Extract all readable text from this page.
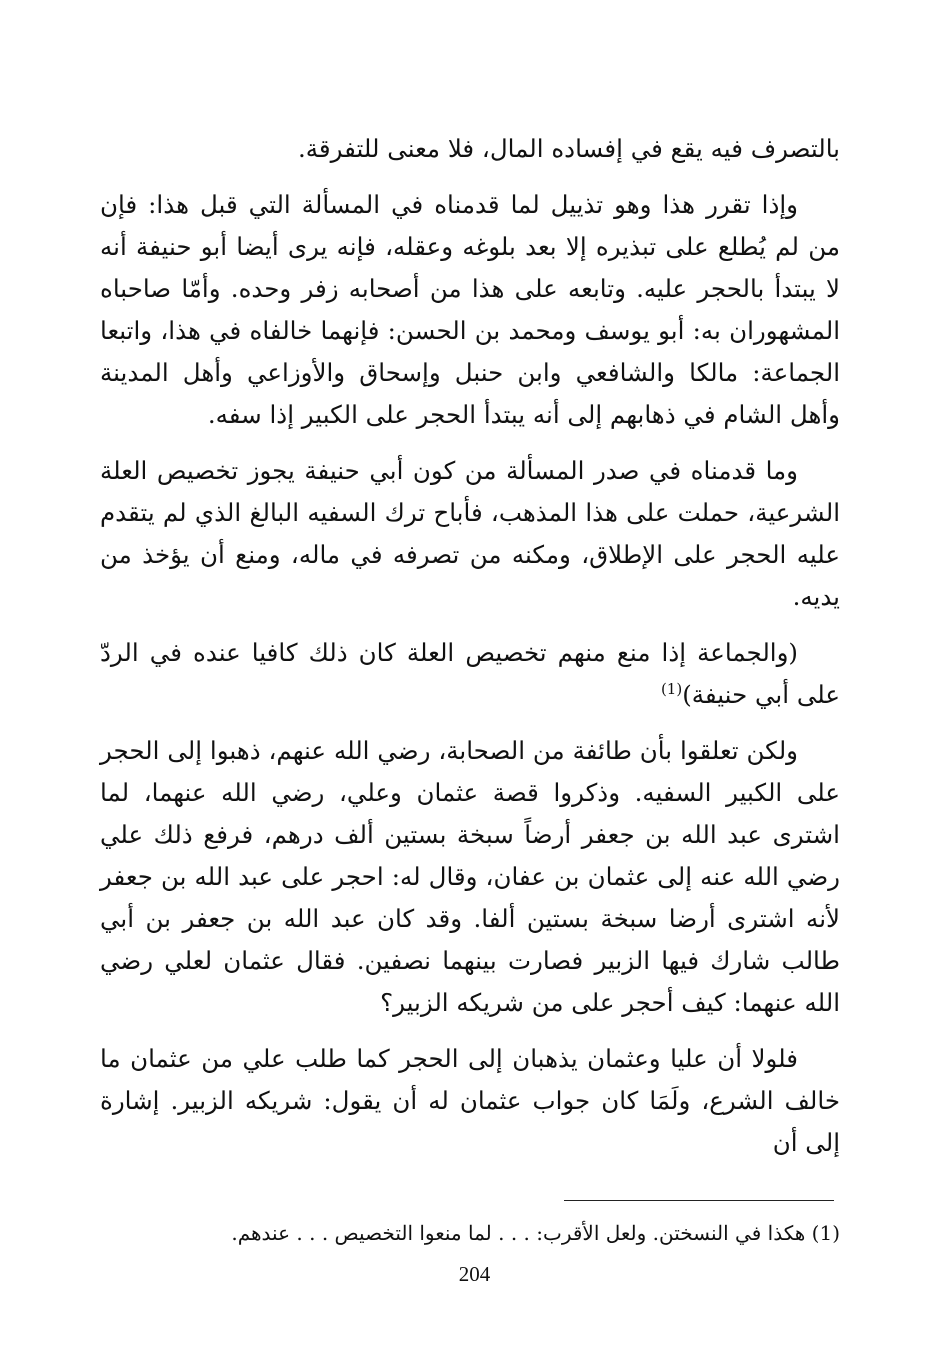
بالتصرف فيه يقع في إفساده المال، فلا معنى للتفرقة.

وإذا تقرر هذا وهو تذييل لما قدمناه في المسألة التي قبل هذا: فإن من لم يُطلع على تبذيره إلا بعد بلوغه وعقله، فإنه يرى أيضا أبو حنيفة أنه لا يبتدأ بالحجر عليه. وتابعه على هذا من أصحابه زفر وحده. وأمّا صاحباه المشهوران به: أبو يوسف ومحمد بن الحسن: فإنهما خالفاه في هذا، واتبعا الجماعة: مالكا والشافعي وابن حنبل وإسحاق والأوزاعي وأهل المدينة وأهل الشام في ذهابهم إلى أنه يبتدأ الحجر على الكبير إذا سفه.

وما قدمناه في صدر المسألة من كون أبي حنيفة يجوز تخصيص العلة الشرعية، حملت على هذا المذهب، فأباح ترك السفيه البالغ الذي لم يتقدم عليه الحجر على الإطلاق، ومكنه من تصرفه في ماله، ومنع أن يؤخذ من يديه.

(والجماعة إذا منع منهم تخصيص العلة كان ذلك كافيا عنده في الردّ على أبي حنيفة)$^{(1)}$

ولكن تعلقوا بأن طائفة من الصحابة، رضي الله عنهم، ذهبوا إلى الحجر على الكبير السفيه. وذكروا قصة عثمان وعلي، رضي الله عنهما، لما اشترى عبد الله بن جعفر أرضاً سبخة بستين ألف درهم، فرفع ذلك علي رضي الله عنه إلى عثمان بن عفان، وقال له: احجر على عبد الله بن جعفر لأنه اشترى أرضا سبخة بستين ألفا. وقد كان عبد الله بن جعفر بن أبي طالب شارك فيها الزبير فصارت بينهما نصفين. فقال عثمان لعلي رضي الله عنهما: كيف أحجر على من شريكه الزبير؟

فلولا أن عليا وعثمان يذهبان إلى الحجر كما طلب علي من عثمان ما خالف الشرع، ولَمَا كان جواب عثمان له أن يقول: شريكه الزبير. إشارة إلى أن

(1) هكذا في النسختن. ولعل الأقرب: . . . لما منعوا التخصيص . . . عندهم.
204
